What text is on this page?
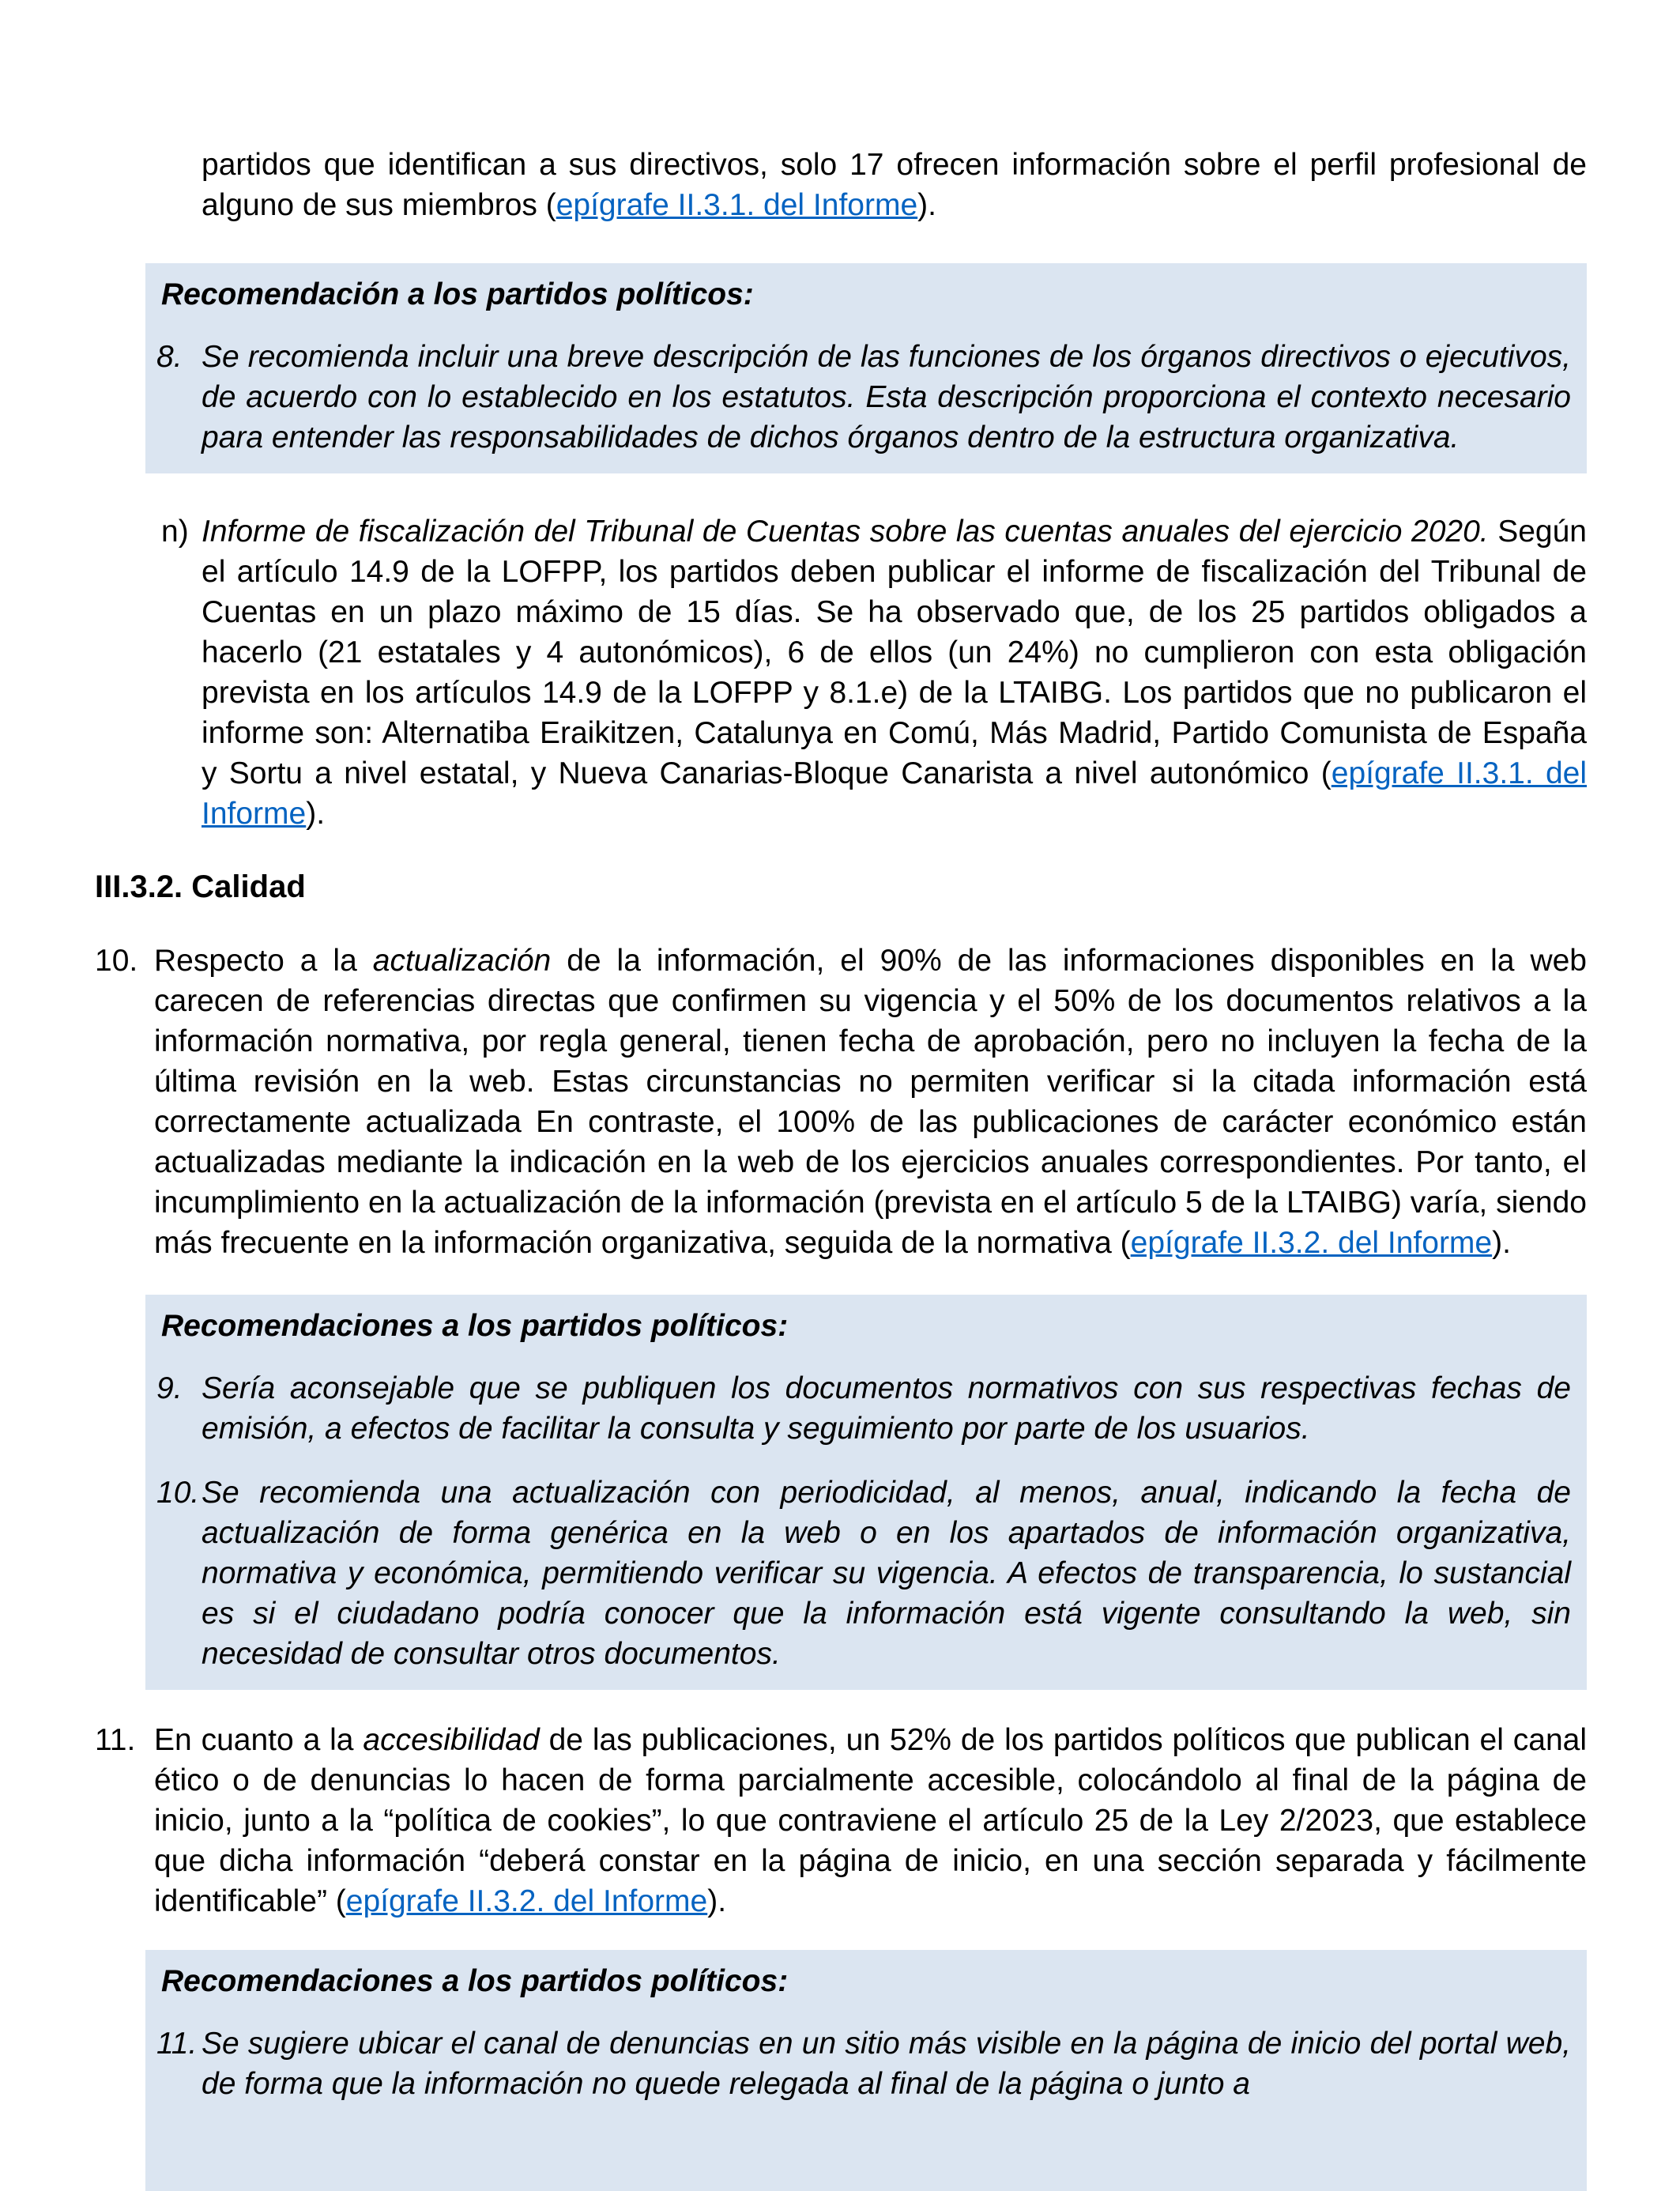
partidos que identifican a sus directivos, solo 17 ofrecen información sobre el perfil profesional de alguno de sus miembros (epígrafe II.3.1. del Informe).

Recomendación a los partidos políticos:

8. Se recomienda incluir una breve descripción de las funciones de los órganos directivos o ejecutivos, de acuerdo con lo establecido en los estatutos. Esta descripción proporciona el contexto necesario para entender las responsabilidades de dichos órganos dentro de la estructura organizativa.
n) Informe de fiscalización del Tribunal de Cuentas sobre las cuentas anuales del ejercicio 2020. Según el artículo 14.9 de la LOFPP, los partidos deben publicar el informe de fiscalización del Tribunal de Cuentas en un plazo máximo de 15 días. Se ha observado que, de los 25 partidos obligados a hacerlo (21 estatales y 4 autonómicos), 6 de ellos (un 24%) no cumplieron con esta obligación prevista en los artículos 14.9 de la LOFPP y 8.1.e) de la LTAIBG. Los partidos que no publicaron el informe son: Alternatiba Eraikitzen, Catalunya en Comú, Más Madrid, Partido Comunista de España y Sortu a nivel estatal, y Nueva Canarias-Bloque Canarista a nivel autonómico (epígrafe II.3.1. del Informe).
III.3.2. Calidad
10. Respecto a la actualización de la información, el 90% de las informaciones disponibles en la web carecen de referencias directas que confirmen su vigencia y el 50% de los documentos relativos a la información normativa, por regla general, tienen fecha de aprobación, pero no incluyen la fecha de la última revisión en la web. Estas circunstancias no permiten verificar si la citada información está correctamente actualizada En contraste, el 100% de las publicaciones de carácter económico están actualizadas mediante la indicación en la web de los ejercicios anuales correspondientes. Por tanto, el incumplimiento en la actualización de la información (prevista en el artículo 5 de la LTAIBG) varía, siendo más frecuente en la información organizativa, seguida de la normativa (epígrafe II.3.2. del Informe).

Recomendaciones a los partidos políticos:

9. Sería aconsejable que se publiquen los documentos normativos con sus respectivas fechas de emisión, a efectos de facilitar la consulta y seguimiento por parte de los usuarios.
10. Se recomienda una actualización con periodicidad, al menos, anual, indicando la fecha de actualización de forma genérica en la web o en los apartados de información organizativa, normativa y económica, permitiendo verificar su vigencia. A efectos de transparencia, lo sustancial es si el ciudadano podría conocer que la información está vigente consultando la web, sin necesidad de consultar otros documentos.
11. En cuanto a la accesibilidad de las publicaciones, un 52% de los partidos políticos que publican el canal ético o de denuncias lo hacen de forma parcialmente accesible, colocándolo al final de la página de inicio, junto a la “política de cookies”, lo que contraviene el artículo 25 de la Ley 2/2023, que establece que dicha información “deberá constar en la página de inicio, en una sección separada y fácilmente identificable” (epígrafe II.3.2. del Informe).

Recomendaciones a los partidos políticos:

11. Se sugiere ubicar el canal de denuncias en un sitio más visible en la página de inicio del portal web, de forma que la información no quede relegada al final de la página o junto a
